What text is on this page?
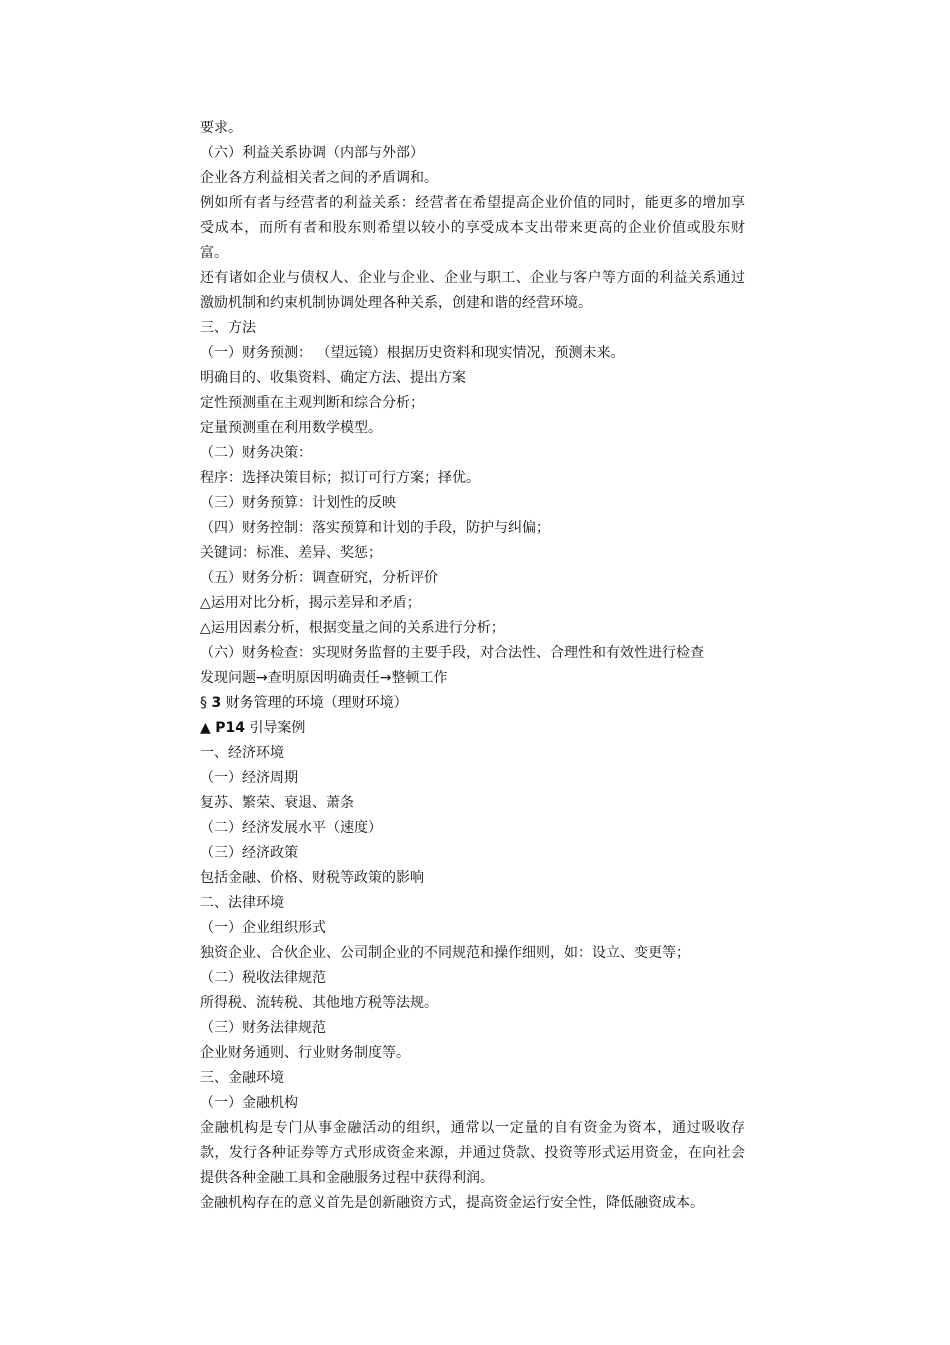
要求。
（六）利益关系协调（内部与外部）
企业各方利益相关者之间的矛盾调和。
例如所有者与经营者的利益关系：经营者在希望提高企业价值的同时，能更多的增加享受成本，而所有者和股东则希望以较小的享受成本支出带来更高的企业价值或股东财富。
还有诸如企业与债权人、企业与企业、企业与职工、企业与客户等方面的利益关系通过激励机制和约束机制协调处理各种关系，创建和谐的经营环境。
三、方法
（一）财务预测： （望远镜）根据历史资料和现实情况，预测未来。
明确目的、收集资料、确定方法、提出方案
定性预测重在主观判断和综合分析；
定量预测重在利用数学模型。
（二）财务决策：
程序：选择决策目标；拟订可行方案；择优。
（三）财务预算：计划性的反映
（四）财务控制：落实预算和计划的手段，防护与纠偏；
关键词：标准、差异、奖惩；
（五）财务分析：调查研究，分析评价
△运用对比分析，揭示差异和矛盾；
△运用因素分析，根据变量之间的关系进行分析；
（六）财务检查：实现财务监督的主要手段，对合法性、合理性和有效性进行检查
发现问题→查明原因明确责任→整顿工作
§ 3 财务管理的环境（理财环境）
▲ P14 引导案例
一、经济环境
（一）经济周期
复苏、繁荣、衰退、萧条
（二）经济发展水平（速度）
（三）经济政策
包括金融、价格、财税等政策的影响
二、法律环境
（一）企业组织形式
独资企业、合伙企业、公司制企业的不同规范和操作细则，如：设立、变更等；
（二）税收法律规范
所得税、流转税、其他地方税等法规。
（三）财务法律规范
企业财务通则、行业财务制度等。
三、金融环境
（一）金融机构
金融机构是专门从事金融活动的组织，通常以一定量的自有资金为资本，通过吸收存款，发行各种证券等方式形成资金来源，并通过贷款、投资等形式运用资金，在向社会提供各种金融工具和金融服务过程中获得利润。
金融机构存在的意义首先是创新融资方式，提高资金运行安全性，降低融资成本。
